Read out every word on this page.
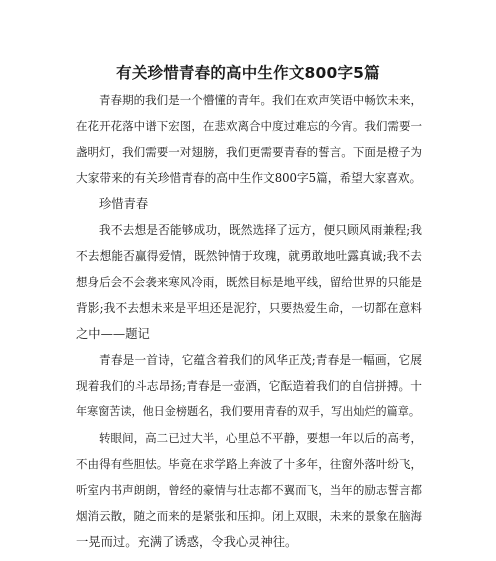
有关珍惜青春的高中生作文800字5篇
青春期的我们是一个懵懂的青年。我们在欢声笑语中畅饮未来，
在花开花落中谱下宏图，在悲欢离合中度过难忘的今宵。我们需要一
盏明灯，我们需要一对翅膀，我们更需要青春的誓言。下面是橙子为
大家带来的有关珍惜青春的高中生作文800字5篇，希望大家喜欢。
珍惜青春
我不去想是否能够成功，既然选择了远方，便只顾风雨兼程;我
不去想能否赢得爱情，既然钟情于玫瑰，就勇敢地吐露真诚;我不去
想身后会不会袭来寒风冷雨，既然目标是地平线，留给世界的只能是
背影;我不去想未来是平坦还是泥狞，只要热爱生命，一切都在意料
之中——题记
青春是一首诗，它蕴含着我们的风华正茂;青春是一幅画，它展
现着我们的斗志昂扬;青春是一壶酒，它酝造着我们的自信拼搏。十
年寒窗苦读，他日金榜题名，我们要用青春的双手，写出灿烂的篇章。
转眼间，高二已过大半，心里总不平静，要想一年以后的高考，
不由得有些胆怯。毕竟在求学路上奔波了十多年，往窗外落叶纷飞，
听室内书声朗朗，曾经的豪情与壮志都不翼而飞，当年的励志誓言都
烟消云散，随之而来的是紧张和压抑。闭上双眼，未来的景象在脑海
一晃而过。充满了诱惑，令我心灵神往。
